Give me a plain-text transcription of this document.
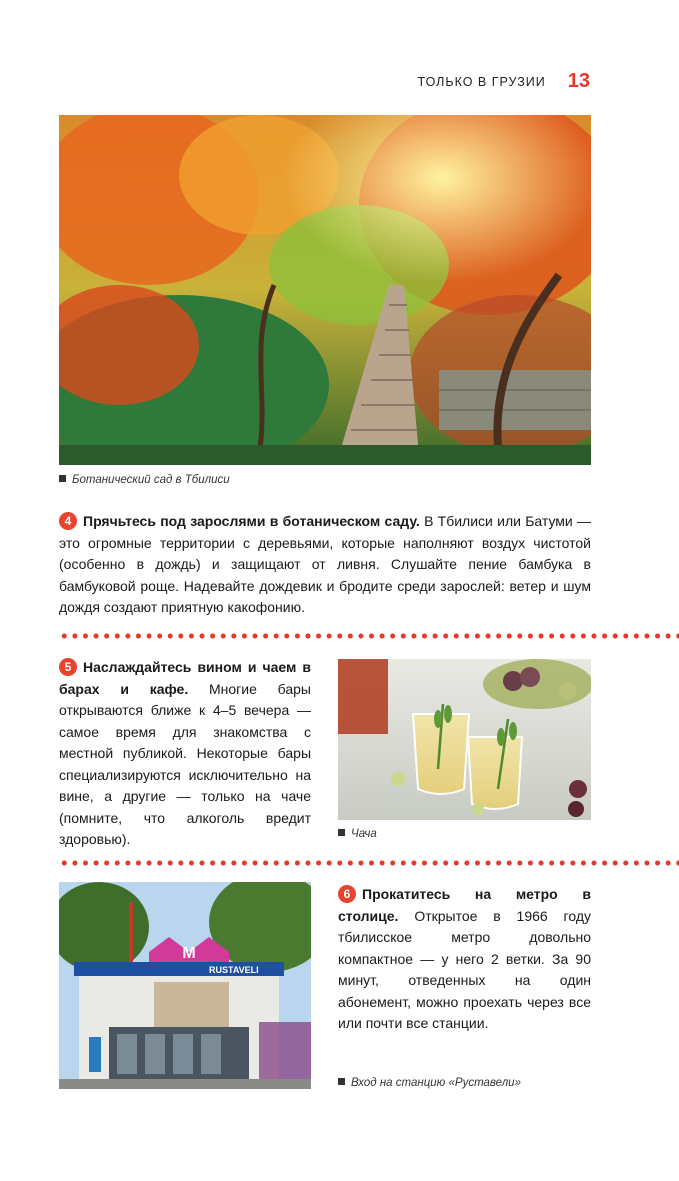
ТОЛЬКО В ГРУЗИИ 13
Ботанический сад в Тбилиси
4 Прячьтесь под зарослями в ботаническом саду. В Тбилиси или Батуми — это огромные территории с деревьями, которые наполняют воздух чистотой (особенно в дождь) и защищают от ливня. Слушайте пение бамбука в бамбуковой роще. Надевайте дождевик и бродите среди зарослей: ветер и шум дождя создают приятную какофонию.
5 Наслаждайтесь вином и чаем в барах и кафе. Многие бары открываются ближе к 4–5 вечера — самое время для знакомства с местной публикой. Некоторые бары специализируются исключительно на вине, а другие — только на чаче (помните, что алкоголь вредит здоровью).	Чача
M
RUSTAVELI
Вход на станцию «Руставели»
6 Прокатитесь на метро в столице. Открытое в 1966 году тбилисское метро довольно компактное — у него 2 ветки. За 90 минут, отведенных на один абонемент, можно проехать через все или почти все станции.
